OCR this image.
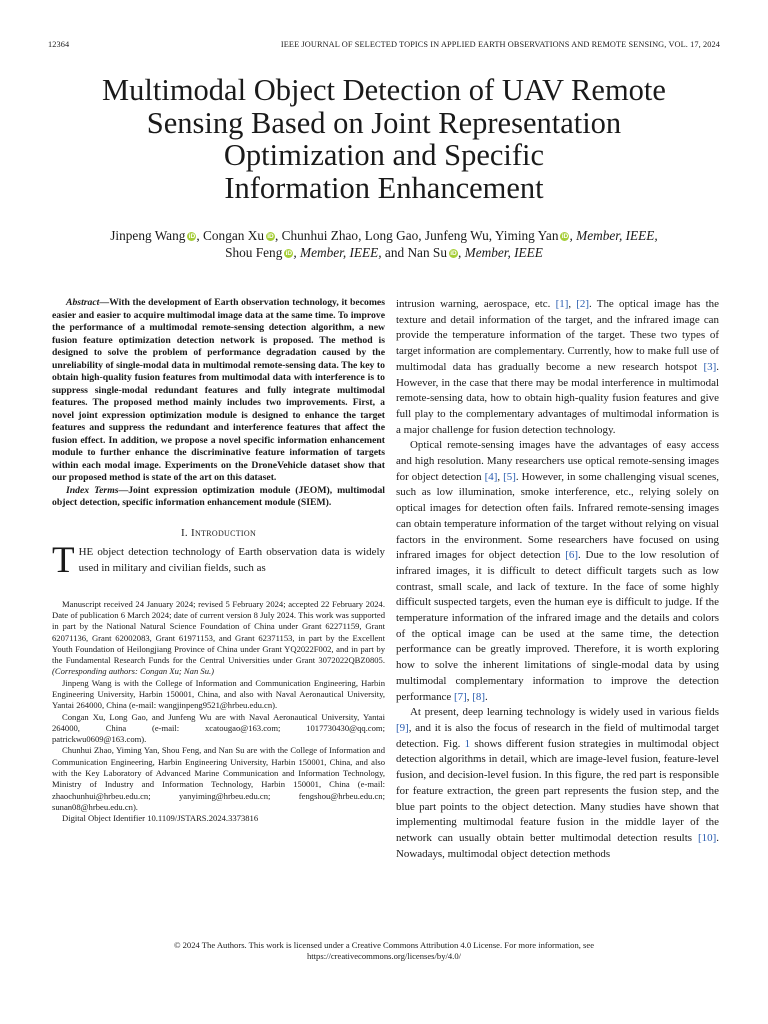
12364	IEEE JOURNAL OF SELECTED TOPICS IN APPLIED EARTH OBSERVATIONS AND REMOTE SENSING, VOL. 17, 2024
Multimodal Object Detection of UAV Remote
Sensing Based on Joint Representation
Optimization and Specific
Information Enhancement
Jinpeng Wang iD, Congan Xu iD, Chunhui Zhao, Long Gao, Junfeng Wu, Yiming Yan iD, Member, IEEE,
Shou Feng iD, Member, IEEE, and Nan Su iD, Member, IEEE

Abstract—With the development of Earth observation technology, it becomes easier and easier to acquire multimodal image data at the same time. To improve the performance of a multimodal remote-sensing detection algorithm, a new fusion feature optimization detection network is proposed. The method is designed to solve the problem of performance degradation caused by the unreliability of single-modal data in multimodal remote-sensing data. The key to obtain high-quality fusion features from multimodal data with interference is to suppress single-modal redundant features and fully integrate multimodal features. The proposed method mainly includes two improvements. First, a novel joint expression optimization module is designed to enhance the target features and suppress the redundant and interference features that affect the fusion effect. In addition, we propose a novel specific information enhancement module to further enhance the discriminative feature information of targets within each modal image. Experiments on the DroneVehicle dataset show that our proposed method is state of the art on this dataset.

Index Terms—Joint expression optimization module (JEOM), multimodal object detection, specific information enhancement module (SIEM).

I. Introduction

THE object detection technology of Earth observation data is widely used in military and civilian fields, such as

Manuscript received 24 January 2024; revised 5 February 2024; accepted 22 February 2024. Date of publication 6 March 2024; date of current version 8 July 2024. This work was supported in part by the National Natural Science Foundation of China under Grant 62271159, Grant 62071136, Grant 62002083, Grant 61971153, and Grant 62371153, in part by the Excellent Youth Foundation of Heilongjiang Province of China under Grant YQ2022F002, and in part by the Fundamental Research Funds for the Central Universities under Grant 3072022QBZ0805. (Corresponding authors: Congan Xu; Nan Su.)

Jinpeng Wang is with the College of Information and Communication Engineering, Harbin Engineering University, Harbin 150001, China, and also with Naval Aeronautical University, Yantai 264000, China (e-mail: wangjinpeng9521@hrbeu.edu.cn).

Congan Xu, Long Gao, and Junfeng Wu are with Naval Aeronautical University, Yantai 264000, China (e-mail: xcatougao@163.com; 1017730430@qq.com; patrickwu0609@163.com).

Chunhui Zhao, Yiming Yan, Shou Feng, and Nan Su are with the College of Information and Communication Engineering, Harbin Engineering University, Harbin 150001, China, and also with the Key Laboratory of Advanced Marine Communication and Information Technology, Ministry of Industry and Information Technology, Harbin 150001, China (e-mail: zhaochunhui@hrbeu.edu.cn; yanyiming@hrbeu.edu.cn; fengshou@hrbeu.edu.cn; sunan08@hrbeu.edu.cn).

Digital Object Identifier 10.1109/JSTARS.2024.3373816

intrusion warning, aerospace, etc. [1], [2]. The optical image has the texture and detail information of the target, and the infrared image can provide the temperature information of the target. These two types of target information are complementary. Currently, how to make full use of multimodal data has gradually become a new research hotspot [3]. However, in the case that there may be modal interference in multimodal remote-sensing data, how to obtain high-quality fusion features and give full play to the complementary advantages of multimodal information is a major challenge for fusion detection technology.

Optical remote-sensing images have the advantages of easy access and high resolution. Many researchers use optical remote-sensing images for object detection [4], [5]. However, in some challenging visual scenes, such as low illumination, smoke interference, etc., relying solely on optical images for detection often fails. Infrared remote-sensing images can obtain temperature information of the target without relying on visual factors in the environment. Some researchers have focused on using infrared images for object detection [6]. Due to the low resolution of infrared images, it is difficult to detect difficult targets such as low contrast, small scale, and lack of texture. In the face of some highly difficult suspected targets, even the human eye is difficult to judge. If the temperature information of the infrared image and the details and colors of the optical image can be used at the same time, the detection performance can be greatly improved. Therefore, it is worth exploring how to solve the inherent limitations of single-modal data by using multimodal complementary information to improve the detection performance [7], [8].

At present, deep learning technology is widely used in various fields [9], and it is also the focus of research in the field of multimodal target detection. Fig. 1 shows different fusion strategies in multimodal object detection algorithms in detail, which are image-level fusion, feature-level fusion, and decision-level fusion. In this figure, the red part is responsible for feature extraction, the green part represents the fusion step, and the blue part points to the object detection. Many studies have shown that implementing multimodal feature fusion in the middle layer of the network can usually obtain better multimodal detection results [10]. Nowadays, multimodal object detection methods

© 2024 The Authors. This work is licensed under a Creative Commons Attribution 4.0 License. For more information, see
https://creativecommons.org/licenses/by/4.0/
